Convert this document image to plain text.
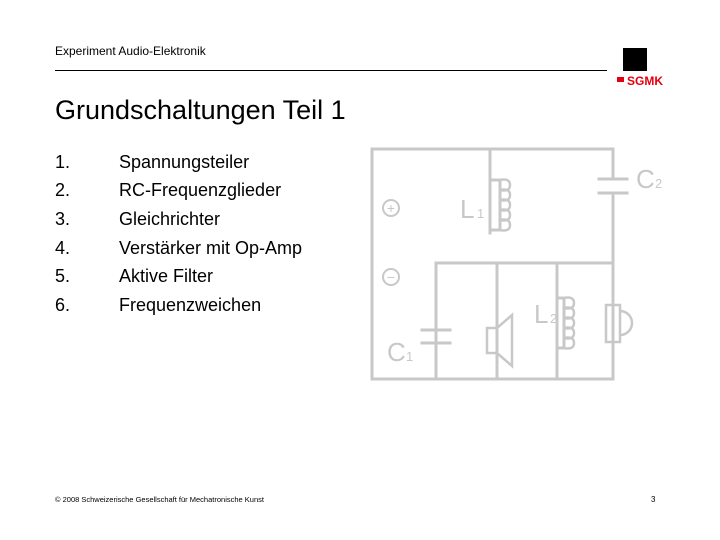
Experiment Audio-Elektronik
SGMK
Grundschaltungen Teil 1
1.	Spannungsteiler
2.	RC-Frequenzglieder
3.	Gleichrichter
4.	Verstärker mit Op-Amp
5.	Aktive Filter
6.	Frequenzweichen
+
−
C 2
L 1
L 2
C 1
© 2008 Schweizerische Gesellschaft für Mechatronische Kunst	3
